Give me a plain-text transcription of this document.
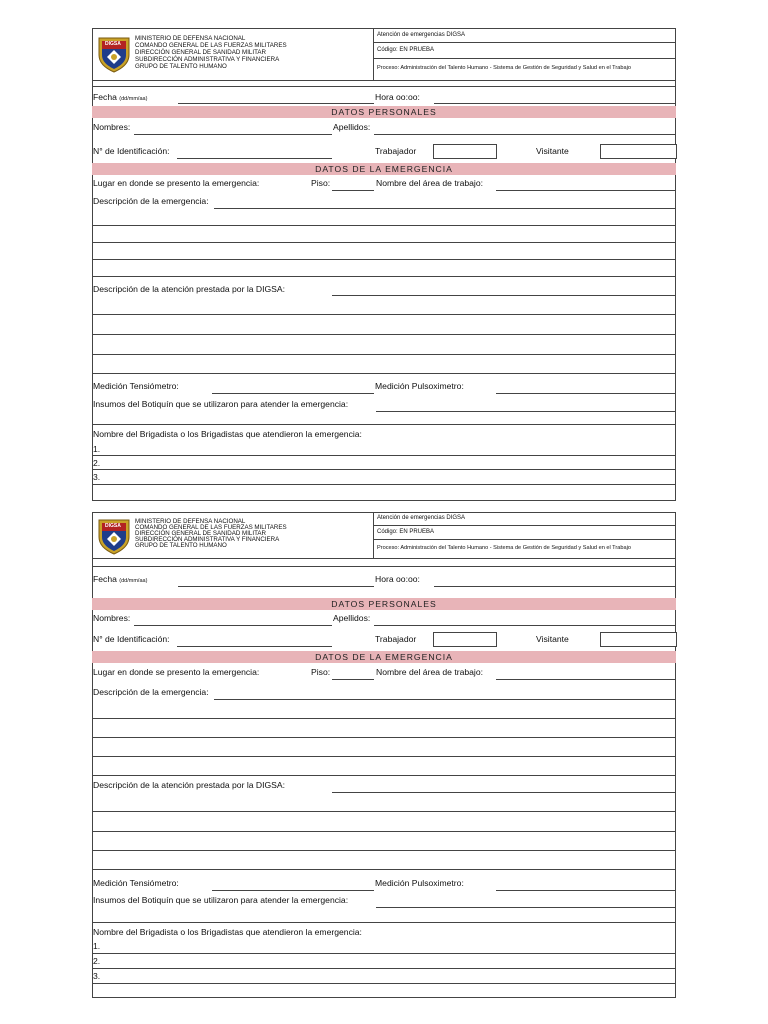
DIGSA
MINISTERIO DE DEFENSA NACIONAL
COMANDO GENERAL DE LAS FUERZAS MILITARES
DIRECCIÓN GENERAL DE SANIDAD MILITAR
SUBDIRECCIÓN ADMINISTRATIVA Y FINANCIERA
GRUPO DE TALENTO HUMANO
Atención de emergencias DIGSA
Código: EN PRUEBA
Proceso: Administración del Talento Humano - Sistema de Gestión de Seguridad y Salud en el Trabajo
Fecha (dd/mm/aa)	Hora oo:oo:
DATOS PERSONALES
Nombres:	Apellidos:
N° de Identificación:	Trabajador	Visitante
DATOS DE LA EMERGENCIA
Lugar en donde se presento la emergencia:	Piso:	Nombre del área de trabajo:
Descripción de la emergencia:
Descripción de la atención prestada por la DIGSA:
Medición Tensiómetro:	Medición Pulsoximetro:
Insumos del Botiquín que se utilizaron para atender la emergencia:
Nombre del Brigadista o los Brigadistas que atendieron la emergencia:
1.
2.
3.
DIGSA
MINISTERIO DE DEFENSA NACIONAL
COMANDO GENERAL DE LAS FUERZAS MILITARES
DIRECCIÓN GENERAL DE SANIDAD MILITAR
SUBDIRECCIÓN ADMINISTRATIVA Y FINANCIERA
GRUPO DE TALENTO HUMANO
Atención de emergencias DIGSA
Código: EN PRUEBA
Proceso: Administración del Talento Humano - Sistema de Gestión de Seguridad y Salud en el Trabajo
Fecha (dd/mm/aa)	Hora oo:oo:
DATOS PERSONALES
Nombres:	Apellidos:
N° de Identificación:	Trabajador	Visitante
DATOS DE LA EMERGENCIA
Lugar en donde se presento la emergencia:	Piso:	Nombre del área de trabajo:
Descripción de la emergencia:
Descripción de la atención prestada por la DIGSA:
Medición Tensiómetro:	Medición Pulsoximetro:
Insumos del Botiquín que se utilizaron para atender la emergencia:
Nombre del Brigadista o los Brigadistas que atendieron la emergencia:
1.
2.
3.
